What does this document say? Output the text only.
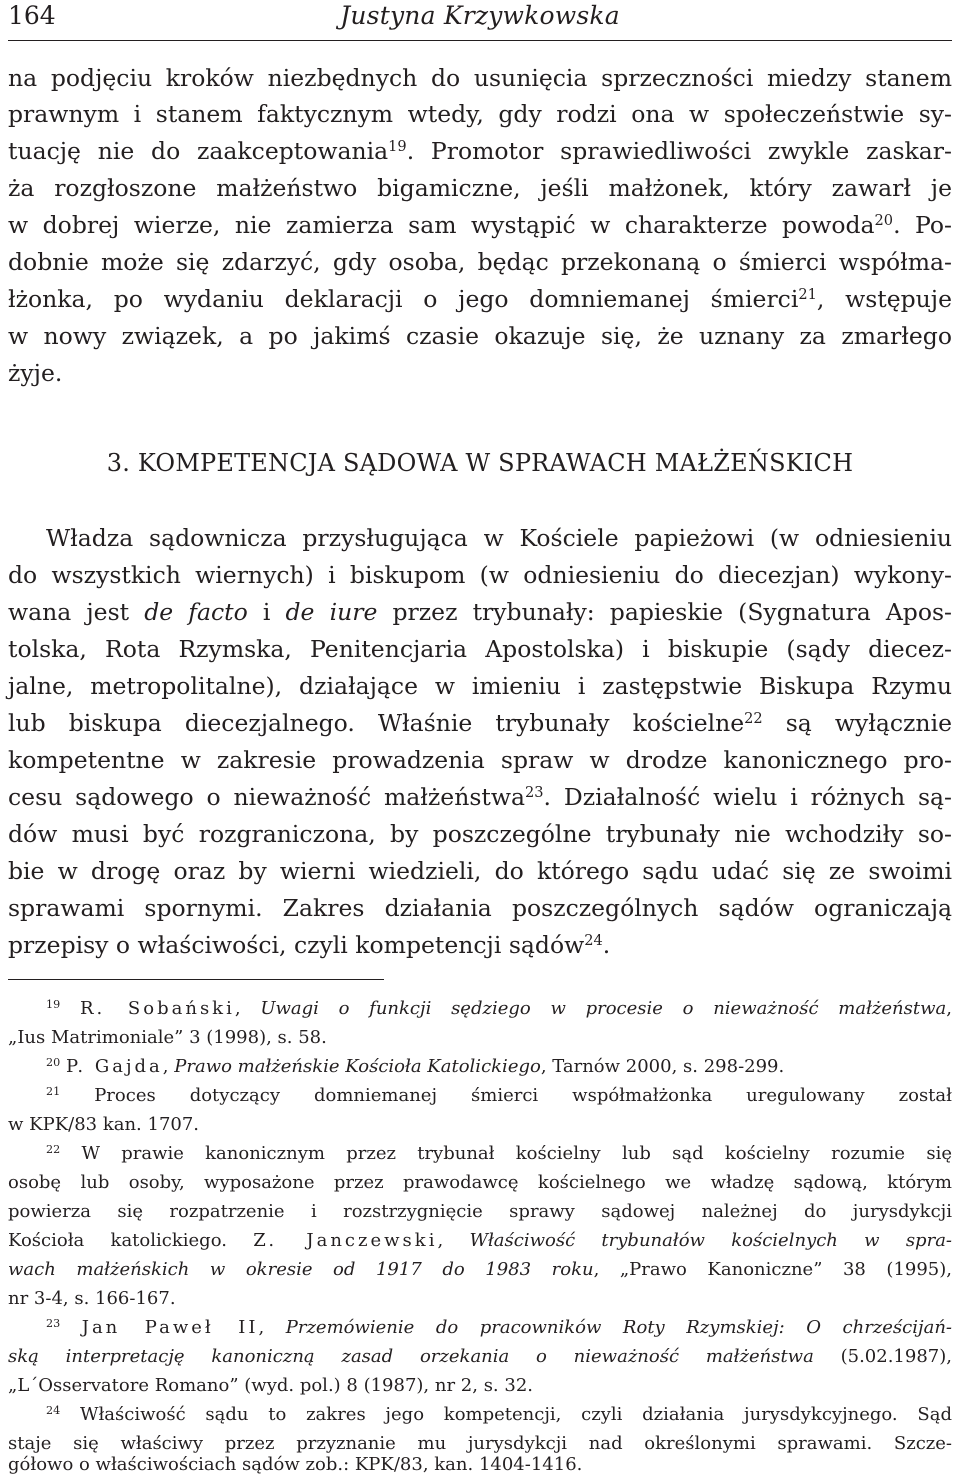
164	Justyna Krzywkowska
na podjęciu kroków niezbędnych do usunięcia sprzeczności miedzy stanem
prawnym i stanem faktycznym wtedy, gdy rodzi ona w społeczeństwie sy-
tuację nie do zaakceptowania$^{19}$. Promotor sprawiedliwości zwykle zaskar-
ża rozgłoszone małżeństwo bigamiczne, jeśli małżonek, który zawarł je
w dobrej wierze, nie zamierza sam wystąpić w charakterze powoda$^{20}$. Po-
dobnie może się zdarzyć, gdy osoba, będąc przekonaną o śmierci współma-
łżonka, po wydaniu deklaracji o jego domniemanej śmierci$^{21}$, wstępuje
w nowy związek, a po jakimś czasie okazuje się, że uznany za zmarłego
żyje.
3. KOMPETENCJA SĄDOWA W SPRAWACH MAŁŻEŃSKICH
Władza sądownicza przysługująca w Kościele papieżowi (w odniesieniu
do wszystkich wiernych) i biskupom (w odniesieniu do diecezjan) wykony-
wana jest de facto i de iure przez trybunały: papieskie (Sygnatura Apos-
tolska, Rota Rzymska, Penitencjaria Apostolska) i biskupie (sądy diecez-
jalne, metropolitalne), działające w imieniu i zastępstwie Biskupa Rzymu
lub biskupa diecezjalnego. Właśnie trybunały kościelne$^{22}$ są wyłącznie
kompetentne w zakresie prowadzenia spraw w drodze kanonicznego pro-
cesu sądowego o nieważność małżeństwa$^{23}$. Działalność wielu i różnych są-
dów musi być rozgraniczona, by poszczególne trybunały nie wchodziły so-
bie w drogę oraz by wierni wiedzieli, do którego sądu udać się ze swoimi
sprawami spornymi. Zakres działania poszczególnych sądów ograniczają
przepisy o właściwości, czyli kompetencji sądów$^{24}$.
$^{19}$ R. Sobański, Uwagi o funkcji sędziego w procesie o nieważność małżeństwa,
„Ius Matrimoniale” 3 (1998), s. 58.
$^{20}$ P. Gajda, Prawo małżeńskie Kościoła Katolickiego, Tarnów 2000, s. 298-299.
$^{21}$ Proces dotyczący domniemanej śmierci współmałżonka uregulowany został
w KPK/83 kan. 1707.
$^{22}$ W prawie kanonicznym przez trybunał kościelny lub sąd kościelny rozumie się
osobę lub osoby, wyposażone przez prawodawcę kościelnego we władzę sądową, którym
powierza się rozpatrzenie i rozstrzygnięcie sprawy sądowej należnej do jurysdykcji
Kościoła katolickiego. Z. Janczewski, Właściwość trybunałów kościelnych w spra-
wach małżeńskich w okresie od 1917 do 1983 roku, „Prawo Kanoniczne” 38 (1995),
nr 3-4, s. 166-167.
$^{23}$ Jan Paweł II, Przemówienie do pracowników Roty Rzymskiej: O chrześcijań-
ską interpretację kanoniczną zasad orzekania o nieważność małżeństwa (5.02.1987),
„L´Osservatore Romano” (wyd. pol.) 8 (1987), nr 2, s. 32.
$^{24}$ Właściwość sądu to zakres jego kompetencji, czyli działania jurysdykcyjnego. Sąd
staje się właściwy przez przyznanie mu jurysdykcji nad określonymi sprawami. Szcze-
gółowo o właściwościach sądów zob.: KPK/83, kan. 1404-1416.
